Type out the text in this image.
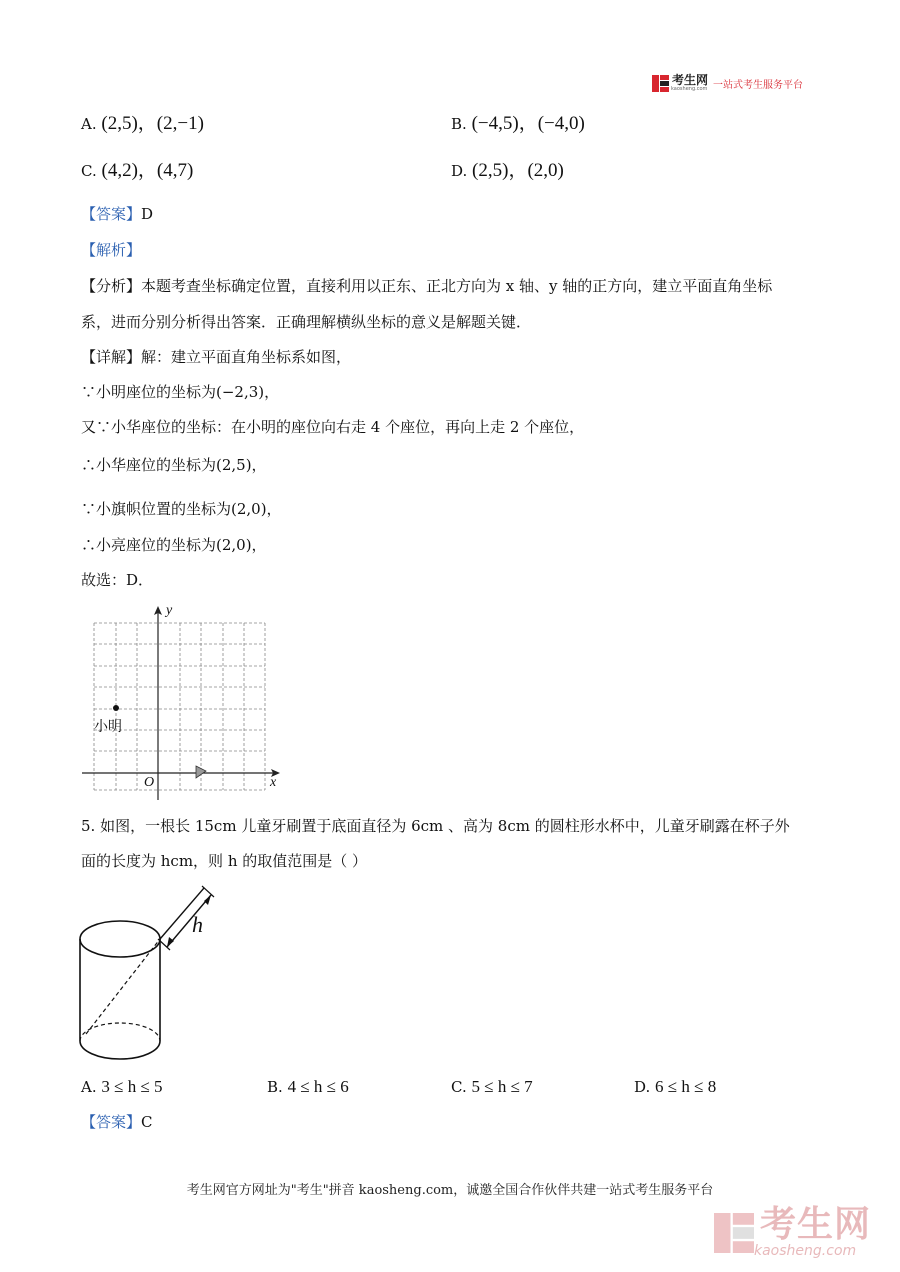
考生网
kaosheng.com 一站式考生服务平台
A. (2,5)，(2,−1)	B. (−4,5)，(−4,0)
C. (4,2)，(4,7)	D. (2,5)，(2,0)
【答案】D
【解析】
【分析】本题考查坐标确定位置，直接利用以正东、正北方向为 x 轴、y 轴的正方向，建立平面直角坐标
系，进而分别分析得出答案．正确理解横纵坐标的意义是解题关键．
【详解】解：建立平面直角坐标系如图，
∵小明座位的坐标为(−2,3)，
又∵小华座位的坐标：在小明的座位向右走 4 个座位，再向上走 2 个座位，
∴小华座位的坐标为(2,5)，
∵小旗帜位置的坐标为(2,0)，
∴小亮座位的坐标为(2,0)，
故选：D．
y
x
O
小明
5. 如图，一根长 15cm 儿童牙刷置于底面直径为 6cm 、高为 8cm 的圆柱形水杯中，儿童牙刷露在杯子外
面的长度为 hcm，则 h 的取值范围是（ ）
h
A. 3 ≤ h ≤ 5	B. 4 ≤ h ≤ 6	C. 5 ≤ h ≤ 7	D. 6 ≤ h ≤ 8
【答案】C
考生网官方网址为"考生"拼音 kaosheng.com，诚邀全国合作伙伴共建一站式考生服务平台
考生网
kaosheng.com
